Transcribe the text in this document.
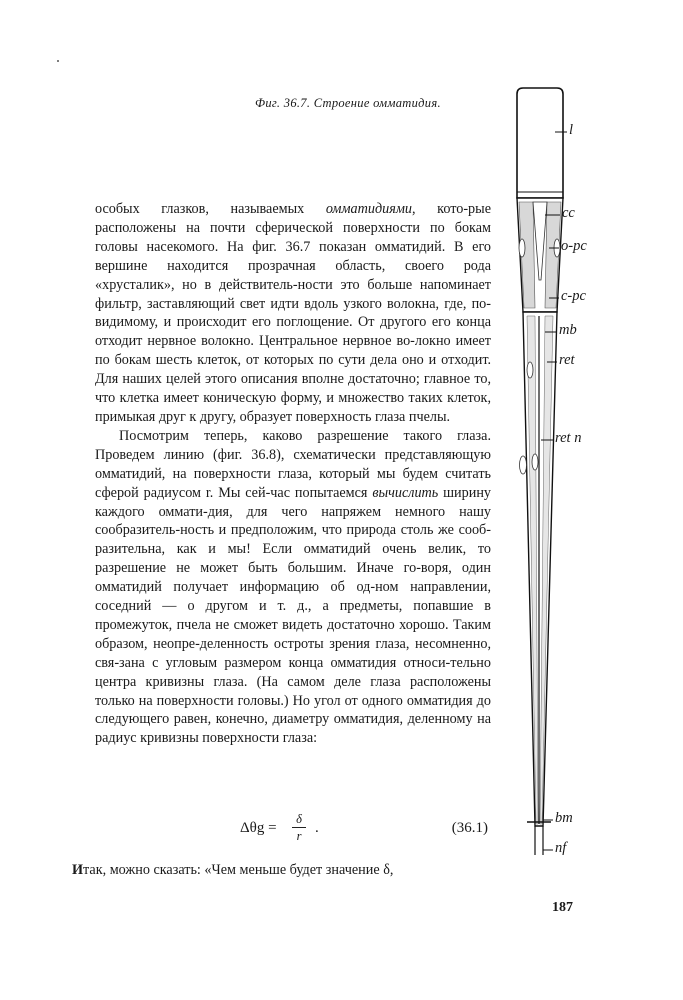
Фиг. 36.7. Строение омматидия.

особых глазков, называемых омматидиями, кото-рые расположены на почти сферической поверхности по бокам головы насекомого. На фиг. 36.7 показан омматидий. В его вершине находится прозрачная область, своего рода «хрусталик», но в действитель-ности это больше напоминает фильтр, заставляющий свет идти вдоль узкого волокна, где, по-видимому, и происходит его поглощение. От другого его конца отходит нервное волокно. Центральное нервное во-локно имеет по бокам шесть клеток, от которых по сути дела оно и отходит. Для наших целей этого описания вполне достаточно; главное то, что клетка имеет коническую форму, и множество таких клеток, примыкая друг к другу, образует поверхность глаза пчелы.

Посмотрим теперь, каково разрешение такого глаза. Проведем линию (фиг. 36.8), схематически представляющую омматидий, на поверхности глаза, который мы будем считать сферой радиусом r. Мы сей-час попытаемся вычислить ширину каждого оммати-дия, для чего напряжем немного нашу сообразитель-ность и предположим, что природа столь же сооб-разительна, как и мы! Если омматидий очень велик, то разрешение не может быть большим. Иначе го-воря, один омматидий получает информацию об од-ном направлении, соседний — о другом и т. д., а предметы, попавшие в промежуток, пчела не сможет видеть достаточно хорошо. Таким образом, неопре-деленность остроты зрения глаза, несомненно, свя-зана с угловым размером конца омматидия относи-тельно центра кривизны глаза. (На самом деле глаза расположены только на поверхности головы.) Но угол от одного омматидия до следующего равен, конечно, диаметру омматидия, деленному на радиус кривизны поверхности глаза:

Δθg =
δ
r .	(36.1)
Итак, можно сказать: «Чем меньше будет значение δ,
187
l
cc
o-pc
c-pc
mb
ret
ret n
bm
nf
